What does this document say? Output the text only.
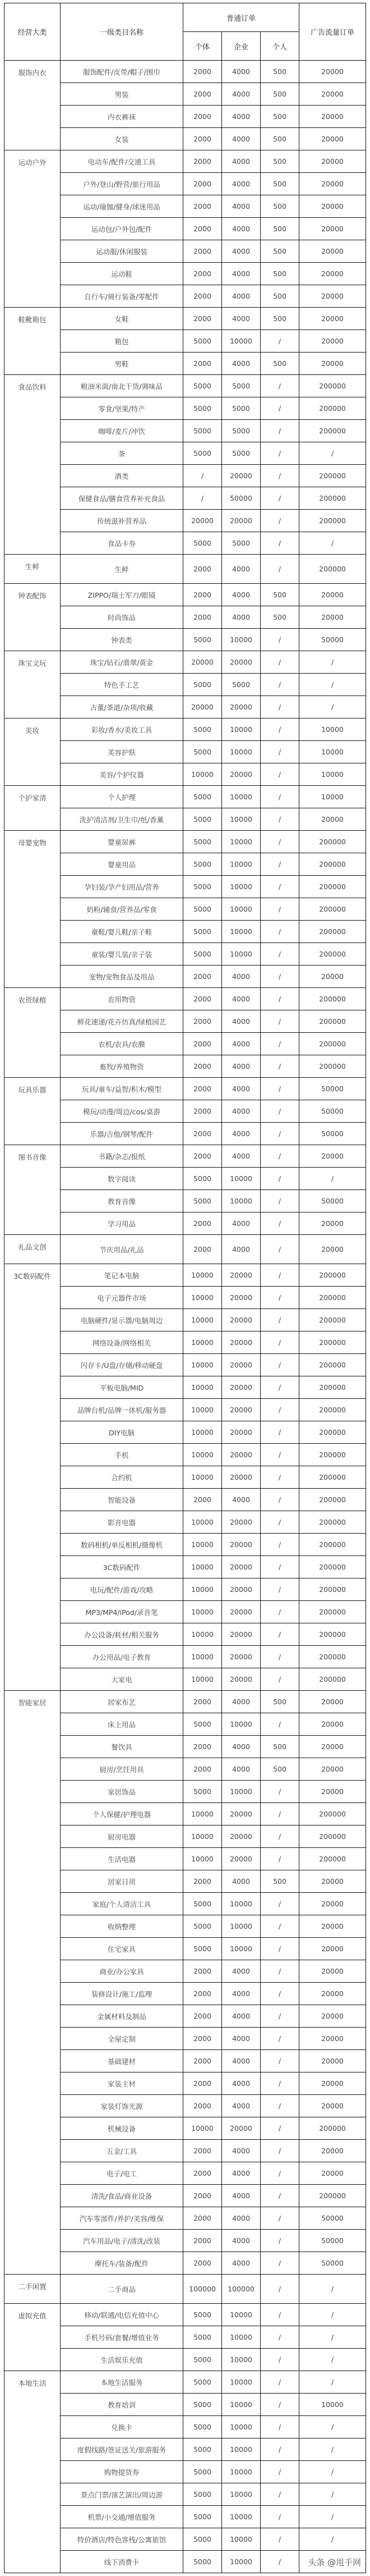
经营大类	一级类目名称	普通订单			广告流量订单
		个体	企业	个人	
服饰内衣	服饰配件/皮带/帽子/围巾	2000	4000	500	20000
	男装	2000	4000	500	20000
	内衣裤袜	2000	4000	500	20000
	女装	2000	4000	500	20000
运动户外	电动车/配件/交通工具	2000	4000	500	20000
	户外/登山/野营/旅行用品	2000	4000	500	20000
	运动/瑜伽/健身/球迷用品	2000	4000	500	20000
	运动包/户外包/配件	2000	4000	500	20000
	运动服/休闲服装	2000	4000	500	20000
	运动鞋	2000	4000	500	20000
	自行车/骑行装备/零配件	2000	4000	500	20000
鞋靴箱包	女鞋	2000	4000	500	20000
	箱包	5000	10000	/	20000
	男鞋	2000	4000	500	20000
食品饮料	粮油米面/南北干货/调味品	5000	5000	/	200000
	零食/坚果/特产	5000	5000	/	200000
	咖啡/麦片/冲饮	5000	5000	/	200000
	茶	5000	5000	/	/
	酒类	/	20000	/	200000
	保健食品/膳食营养补充食品	/	50000	/	200000
	传统滋补营养品	20000	20000	/	200000
	食品卡券	5000	5000	/	/
生鲜	生鲜	2000	4000	/	200000
钟表配饰	ZIPPO/瑞士军刀/眼镜	2000	4000	500	20000
	时尚饰品	2000	4000	500	20000
	钟表类	5000	10000	/	50000
珠宝文玩	珠宝/钻石/翡翠/黄金	20000	20000	/	/
	特色手工艺	5000	5000	/	/
	古董/茶道/杂项/收藏	20000	20000	/	/
美妆	彩妆/香水/美妆工具	5000	10000	/	10000
	美容护肤	5000	10000	/	10000
	美容/个护仪器	10000	20000	/	10000
个护家清	个人护理	5000	10000	/	10000
	洗护清洁剂/卫生巾/纸/香薰	5000	10000	/	20000
母婴宠物	婴童尿裤	5000	10000	/	200000
	婴童用品	5000	10000	/	200000
	孕妇装/孕产妇用品/营养	5000	10000	/	200000
	奶粉/辅食/营养品/零食	5000	10000	/	200000
	童鞋/婴儿鞋/亲子鞋	5000	10000	/	200000
	童装/婴儿装/亲子装	5000	10000	/	200000
	宠物/宠物食品及用品	2000	4000	/	20000
农资绿植	农用物资	2000	4000	/	200000
	鲜花速递/花卉仿真/绿植园艺	2000	4000	/	200000
	农机/农具/农膜	2000	4000	/	200000
	畜牧/养殖物资	2000	4000	/	200000
玩具乐器	玩具/童车/益智/积木/模型	2000	4000	/	50000
	模玩/动漫/周边/cos/桌游	2000	4000	/	50000
	乐器/吉他/钢琴/配件	2000	4000	/	50000
图书音像	书籍/杂志/报纸	2000	4000	/	20000
	数字阅读	5000	10000	/	/
	教育音像	5000	10000	/	50000
	学习用品	2000	4000	/	20000
礼品文创	节庆用品/礼品	2000	4000	/	20000
3C数码配件	笔记本电脑	10000	20000	/	200000
	电子元器件市场	10000	20000	/	200000
	电脑硬件/显示器/电脑周边	10000	20000	/	200000
	网络设备/网络相关	10000	20000	/	200000
	闪存卡/U盘/存储/移动硬盘	10000	20000	/	200000
	平板电脑/MID	10000	20000	/	200000
	品牌台机/品牌一体机/服务器	10000	20000	/	200000
	DIY电脑	10000	20000	/	200000
	手机	10000	20000	/	200000
	合约机	10000	20000	/	200000
	智能设备	2000	4000	/	200000
	影音电器	10000	20000	/	200000
	数码相机/单反相机/摄像机	10000	20000	/	200000
	3C数码配件	10000	20000	/	200000
	电玩/配件/游戏/攻略	10000	20000	/	200000
	MP3/MP4/iPod/录音笔	10000	20000	/	200000
	办公设备/耗材/相关服务	10000	20000	/	200000
	办公用品/电子教育	10000	20000	/	200000
	大家电	10000	20000	/	200000
智能家居	居家布艺	2000	4000	500	20000
	床上用品	5000	10000	/	20000
	餐饮具	2000	4000	500	20000
	厨房/烹饪用具	2000	4000	500	20000
	家居饰品	5000	10000	/	20000
	个人保健/护理电器	10000	20000	/	200000
	厨房电器	10000	20000	/	200000
	生活电器	10000	20000	/	200000
	居家日用	2000	4000	500	20000
	家庭/个人清洁工具	5000	10000	/	20000
	收纳整理	5000	10000	/	20000
	住宅家具	5000	10000	/	20000
	商业/办公家具	2000	4000	/	20000
	装修设计/施工/监理	2000	4000	/	20000
	金属材料及制品	2000	4000	/	20000
	全屋定制	2000	4000	/	20000
	基础建材	2000	4000	/	20000
	家装主材	2000	4000	/	20000
	家装灯饰光源	2000	4000	/	20000
	机械设备	10000	20000	/	200000
	五金/工具	2000	4000	/	20000
	电子/电工	2000	4000	/	20000
	清洗/食品/商业设备	2000	4000	/	200000
	汽车零部件/养护/美容/维保	2000	4000	/	50000
	汽车用品/电子/清洗/改装	2000	4000	/	50000
	摩托车/装备/配件	2000	4000	/	50000
二手闲置	二手商品	100000	100000	/	/
虚拟充值	移动/联通/电信充值中心	5000	10000	/	/
	手机号码/套餐/增值业务	5000	10000	/	/
	生活娱乐充值	5000	10000	/	/
本地生活	本地生活服务	5000	10000	/	/
	教育培训	5000	10000	/	10000
	兑换卡	5000	10000	/	/
	度假线路/签证送关/旅游服务	5000	10000	/	/
	购物提货券	5000	10000	/	/
	景点门票/演艺演出/周边游	5000	10000	/	/
	机票/小交通/增值服务	5000	10000	/	/
	特价酒店/特色客栈/公寓旅馆	5000	10000	/	/
	线下消费卡	5000	10000	/		头条 @甩手网
